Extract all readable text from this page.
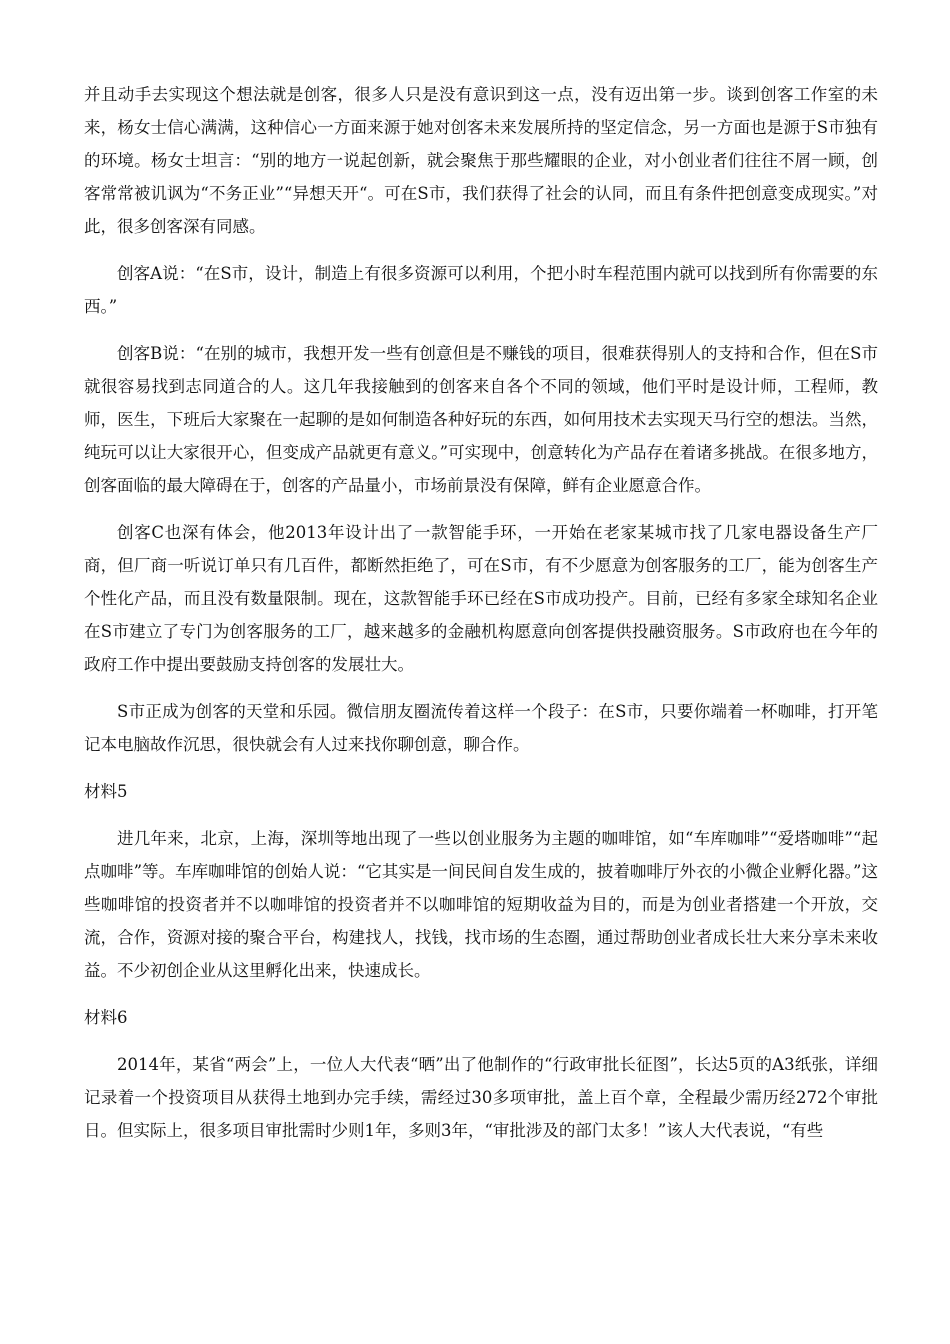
并且动手去实现这个想法就是创客，很多人只是没有意识到这一点，没有迈出第一步。谈到创客工作室的未来，杨女士信心满满，这种信心一方面来源于她对创客未来发展所持的坚定信念，另一方面也是源于S市独有的环境。杨女士坦言：“别的地方一说起创新，就会聚焦于那些耀眼的企业，对小创业者们往往不屑一顾，创客常常被讥讽为“不务正业”“异想天开“。可在S市，我们获得了社会的认同，而且有条件把创意变成现实。”对此，很多创客深有同感。

创客A说：“在S市，设计，制造上有很多资源可以利用，个把小时车程范围内就可以找到所有你需要的东西。”

创客B说：“在别的城市，我想开发一些有创意但是不赚钱的项目，很难获得别人的支持和合作，但在S市就很容易找到志同道合的人。这几年我接触到的创客来自各个不同的领域，他们平时是设计师，工程师，教师，医生，下班后大家聚在一起聊的是如何制造各种好玩的东西，如何用技术去实现天马行空的想法。当然，纯玩可以让大家很开心，但变成产品就更有意义。”可实现中，创意转化为产品存在着诸多挑战。在很多地方，创客面临的最大障碍在于，创客的产品量小，市场前景没有保障，鲜有企业愿意合作。

创客C也深有体会，他2013年设计出了一款智能手环，一开始在老家某城市找了几家电器设备生产厂商，但厂商一听说订单只有几百件，都断然拒绝了，可在S市，有不少愿意为创客服务的工厂，能为创客生产个性化产品，而且没有数量限制。现在，这款智能手环已经在S市成功投产。目前，已经有多家全球知名企业在S市建立了专门为创客服务的工厂，越来越多的金融机构愿意向创客提供投融资服务。S市政府也在今年的政府工作中提出要鼓励支持创客的发展壮大。

S市正成为创客的天堂和乐园。微信朋友圈流传着这样一个段子：在S市，只要你端着一杯咖啡，打开笔记本电脑故作沉思，很快就会有人过来找你聊创意，聊合作。

材料5

进几年来，北京，上海，深圳等地出现了一些以创业服务为主题的咖啡馆，如“车库咖啡”“爱塔咖啡”“起点咖啡”等。车库咖啡馆的创始人说：“它其实是一间民间自发生成的，披着咖啡厅外衣的小微企业孵化器。”这些咖啡馆的投资者并不以咖啡馆的投资者并不以咖啡馆的短期收益为目的，而是为创业者搭建一个开放，交流，合作，资源对接的聚合平台，构建找人，找钱，找市场的生态圈，通过帮助创业者成长壮大来分享未来收益。不少初创企业从这里孵化出来，快速成长。

材料6

2014年，某省“两会”上，一位人大代表“晒”出了他制作的“行政审批长征图”，长达5页的A3纸张，详细记录着一个投资项目从获得土地到办完手续，需经过30多项审批，盖上百个章，全程最少需历经272个审批日。但实际上，很多项目审批需时少则1年，多则3年，“审批涉及的部门太多！”该人大代表说，“有些
